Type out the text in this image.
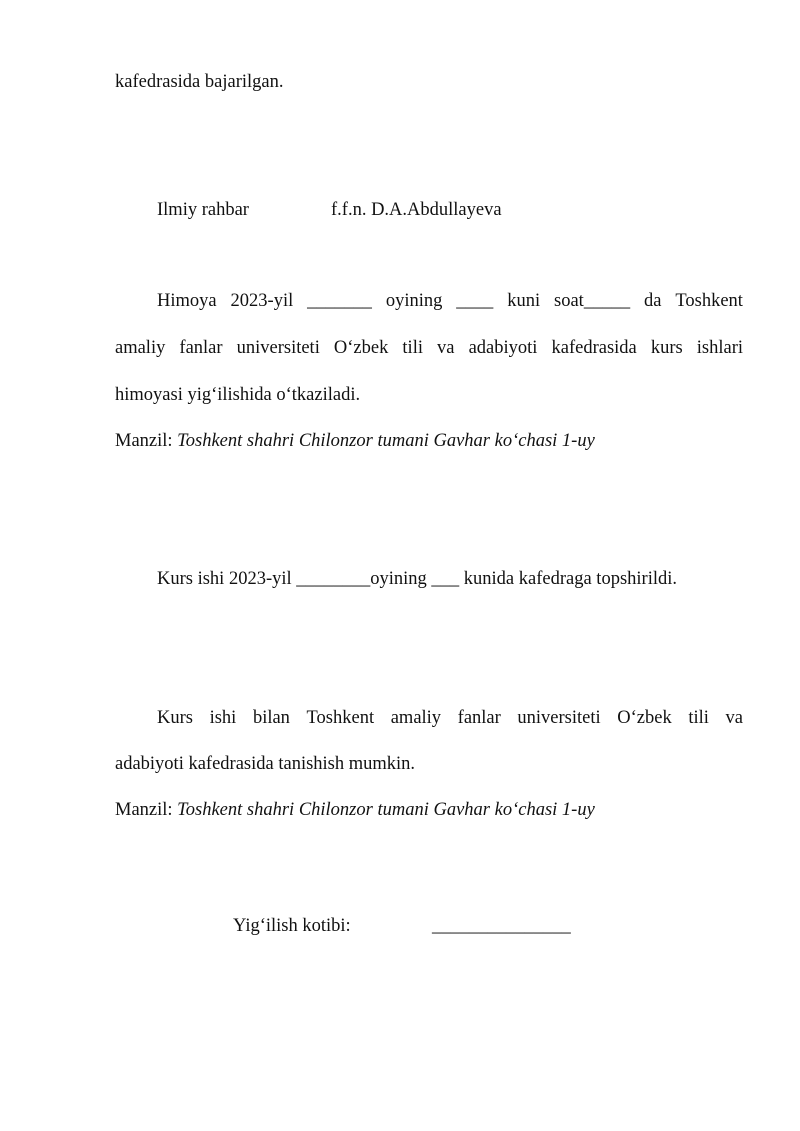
kafedrasida bajarilgan.
Ilmiy rahbar	f.f.n. D.A.Abdullayeva
Himoya 2023-yil _______ oyining ____ kuni soat_____ da Toshkent
amaliy fanlar universiteti O‘zbek tili va adabiyoti kafedrasida kurs ishlari
himoyasi yig‘ilishida o‘tkaziladi.
Manzil: Toshkent shahri Chilonzor tumani Gavhar ko‘chasi 1-uy
Kurs ishi 2023-yil ________oyining ___ kunida kafedraga topshirildi.
Kurs ishi bilan Toshkent amaliy fanlar universiteti O‘zbek tili va
adabiyoti kafedrasida tanishish mumkin.
Manzil: Toshkent shahri Chilonzor tumani Gavhar ko‘chasi 1-uy
Yig‘ilish kotibi:	_______________
